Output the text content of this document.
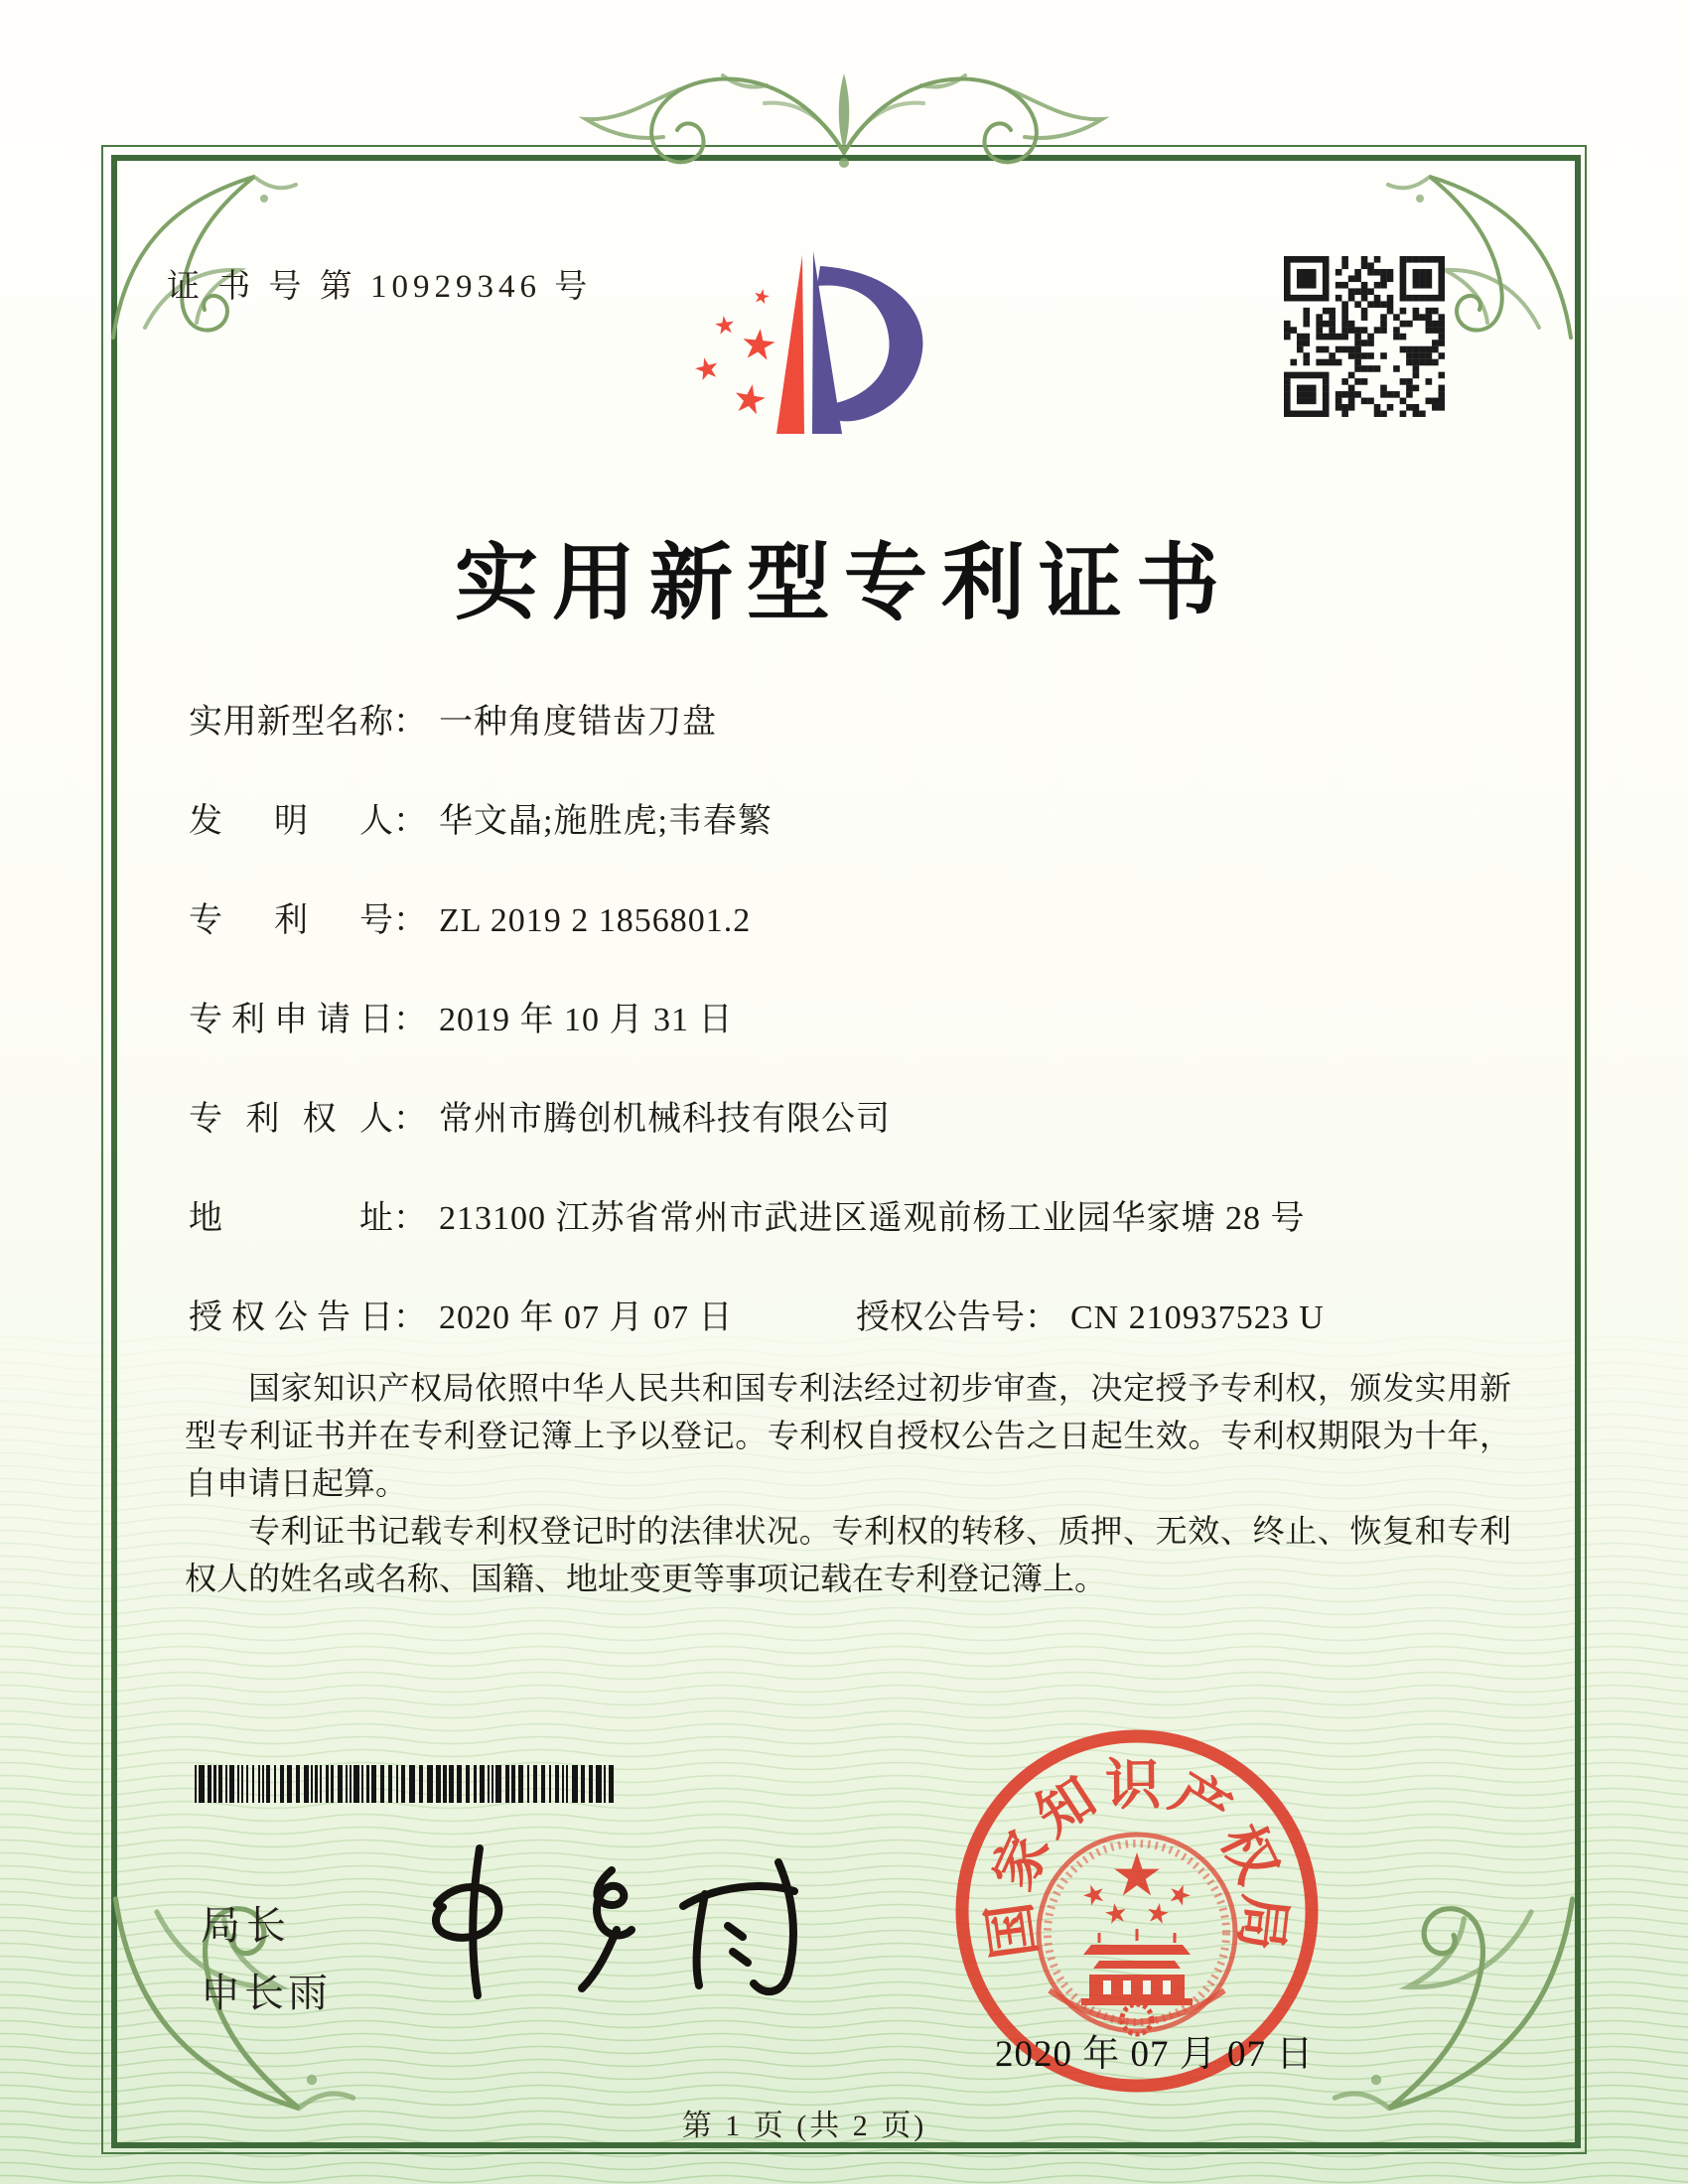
证 书 号 第 10929346 号
实用新型专利证书
实用新型名称： 一种角度错齿刀盘
发明人： 华文晶;施胜虎;韦春繁
专利号： ZL 2019 2 1856801.2
专利申请日： 2019 年 10 月 31 日
专利权人： 常州市腾创机械科技有限公司
地址： 213100 江苏省常州市武进区遥观前杨工业园华家塘 28 号
授权公告日： 2020 年 07 月 07 日	授权公告号： CN 210937523 U

国家知识产权局依照中华人民共和国专利法经过初步审查，决定授予专利权，颁发实用新型专利证书并在专利登记簿上予以登记。专利权自授权公告之日起生效。专利权期限为十年，自申请日起算。

专利证书记载专利权登记时的法律状况。专利权的转移、质押、无效、终止、恢复和专利权人的姓名或名称、国籍、地址变更等事项记载在专利登记簿上。

局长
申长雨
国家知识产权局
2020 年 07 月 07 日
第 1 页 (共 2 页)
